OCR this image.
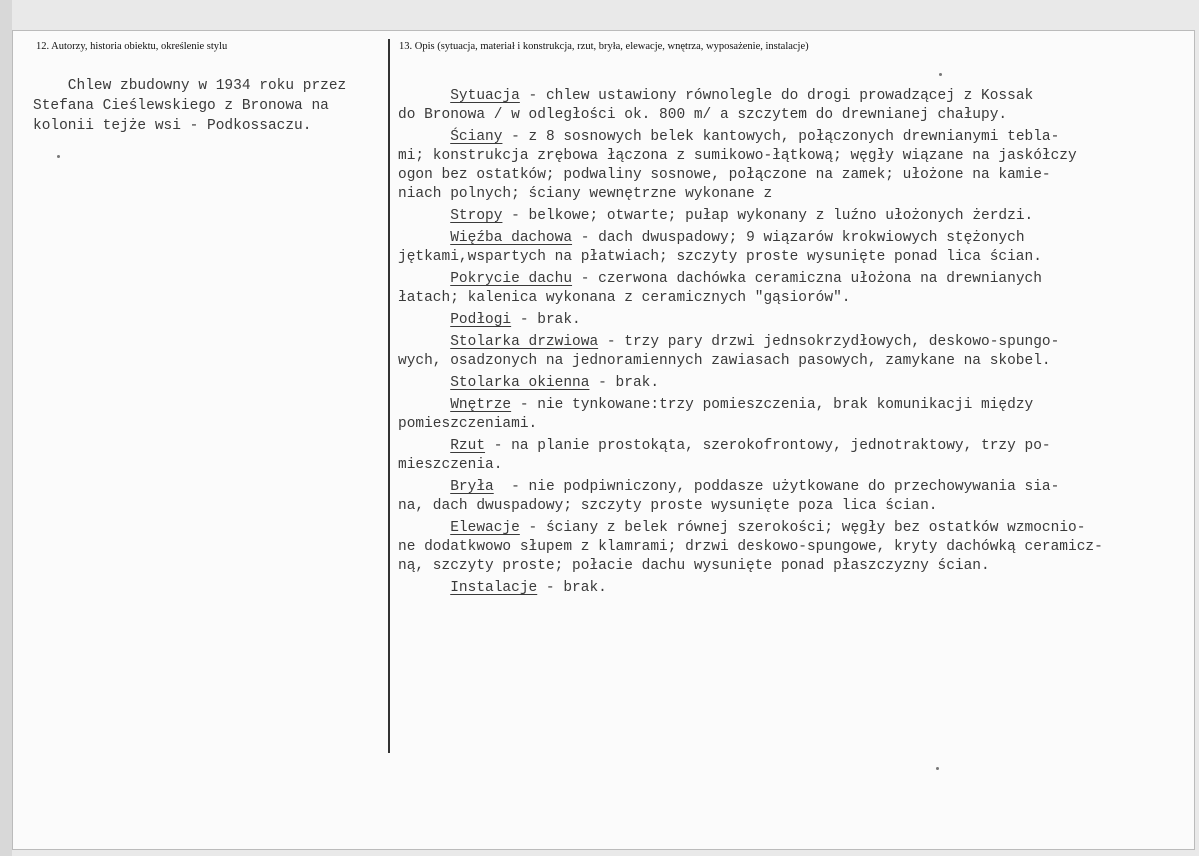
12. Autorzy, historia obiektu, określenie stylu	13. Opis (sytuacja, materiał i konstrukcja, rzut, bryła, elewacje, wnętrza, wyposażenie, instalacje)
Chlew zbudowny w 1934 roku przez
Stefana Cieślewskiego z Bronowa na
kolonii tejże wsi - Podkossaczu.
Sytuacja - chlew ustawiony równolegle do drogi prowadzącej z Kossak
do Bronowa / w odległości ok. 800 m/ a szczytem do drewnianej chałupy.
Ściany - z 8 sosnowych belek kantowych, połączonych drewnianymi tebla-
mi; konstrukcja zrębowa łączona z sumikowo-łątkową; węgły wiązane na jaskółczy
ogon bez ostatków; podwaliny sosnowe, połączone na zamek; ułożone na kamie-
niach polnych; ściany wewnętrzne wykonane z
Stropy - belkowe; otwarte; pułap wykonany z luźno ułożonych żerdzi.
Więźba dachowa - dach dwuspadowy; 9 wiązarów krokwiowych stężonych
jętkami,wspartych na płatwiach; szczyty proste wysunięte ponad lica ścian.
Pokrycie dachu - czerwona dachówka ceramiczna ułożona na drewnianych
łatach; kalenica wykonana z ceramicznych "gąsiorów".
Podłogi - brak.
Stolarka drzwiowa - trzy pary drzwi jednsokrzydłowych, deskowo-spungo-
wych, osadzonych na jednoramiennych zawiasach pasowych, zamykane na skobel.
Stolarka okienna - brak.
Wnętrze - nie tynkowane:trzy pomieszczenia, brak komunikacji między
pomieszczeniami.
Rzut - na planie prostokąta, szerokofrontowy, jednotraktowy, trzy po-
mieszczenia.
Bryła  - nie podpiwniczony, poddasze użytkowane do przechowywania sia-
na, dach dwuspadowy; szczyty proste wysunięte poza lica ścian.
Elewacje - ściany z belek równej szerokości; węgły bez ostatków wzmocnio-
ne dodatkwowo słupem z klamrami; drzwi deskowo-spungowe, kryty dachówką ceramicz-
ną, szczyty proste; połacie dachu wysunięte ponad płaszczyzny ścian.
Instalacje - brak.
